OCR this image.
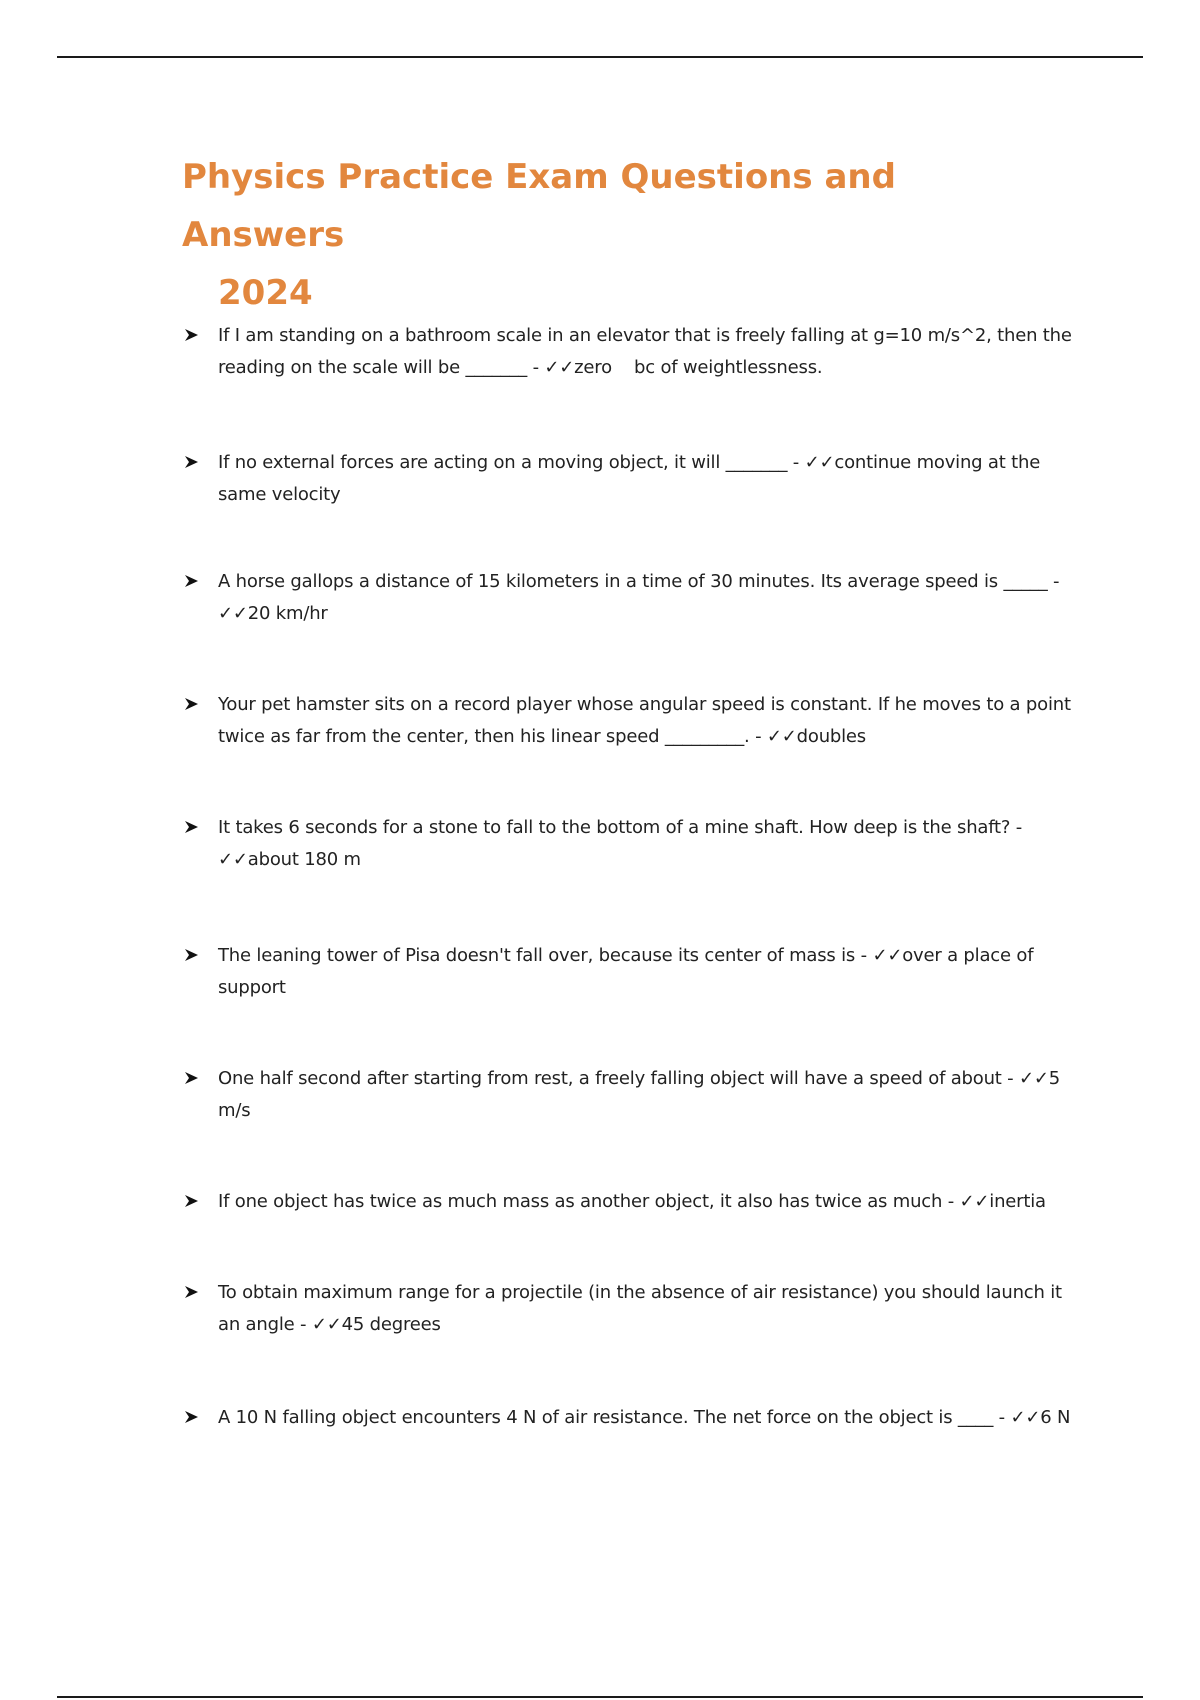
Physics Practice Exam Questions and Answers
2024
If I am standing on a bathroom scale in an elevator that is freely falling at g=10 m/s^2, then the
reading on the scale will be _______ - ✓✓zero    bc of weightlessness.
If no external forces are acting on a moving object, it will _______ - ✓✓continue moving at the
same velocity
A horse gallops a distance of 15 kilometers in a time of 30 minutes. Its average speed is _____ -
✓✓20 km/hr
Your pet hamster sits on a record player whose angular speed is constant. If he moves to a point
twice as far from the center, then his linear speed _________. - ✓✓doubles
It takes 6 seconds for a stone to fall to the bottom of a mine shaft. How deep is the shaft? -
✓✓about 180 m
The leaning tower of Pisa doesn't fall over, because its center of mass is - ✓✓over a place of
support
One half second after starting from rest, a freely falling object will have a speed of about - ✓✓5
m/s
If one object has twice as much mass as another object, it also has twice as much - ✓✓inertia
To obtain maximum range for a projectile (in the absence of air resistance) you should launch it
an angle - ✓✓45 degrees
A 10 N falling object encounters 4 N of air resistance. The net force on the object is ____ - ✓✓6 N
